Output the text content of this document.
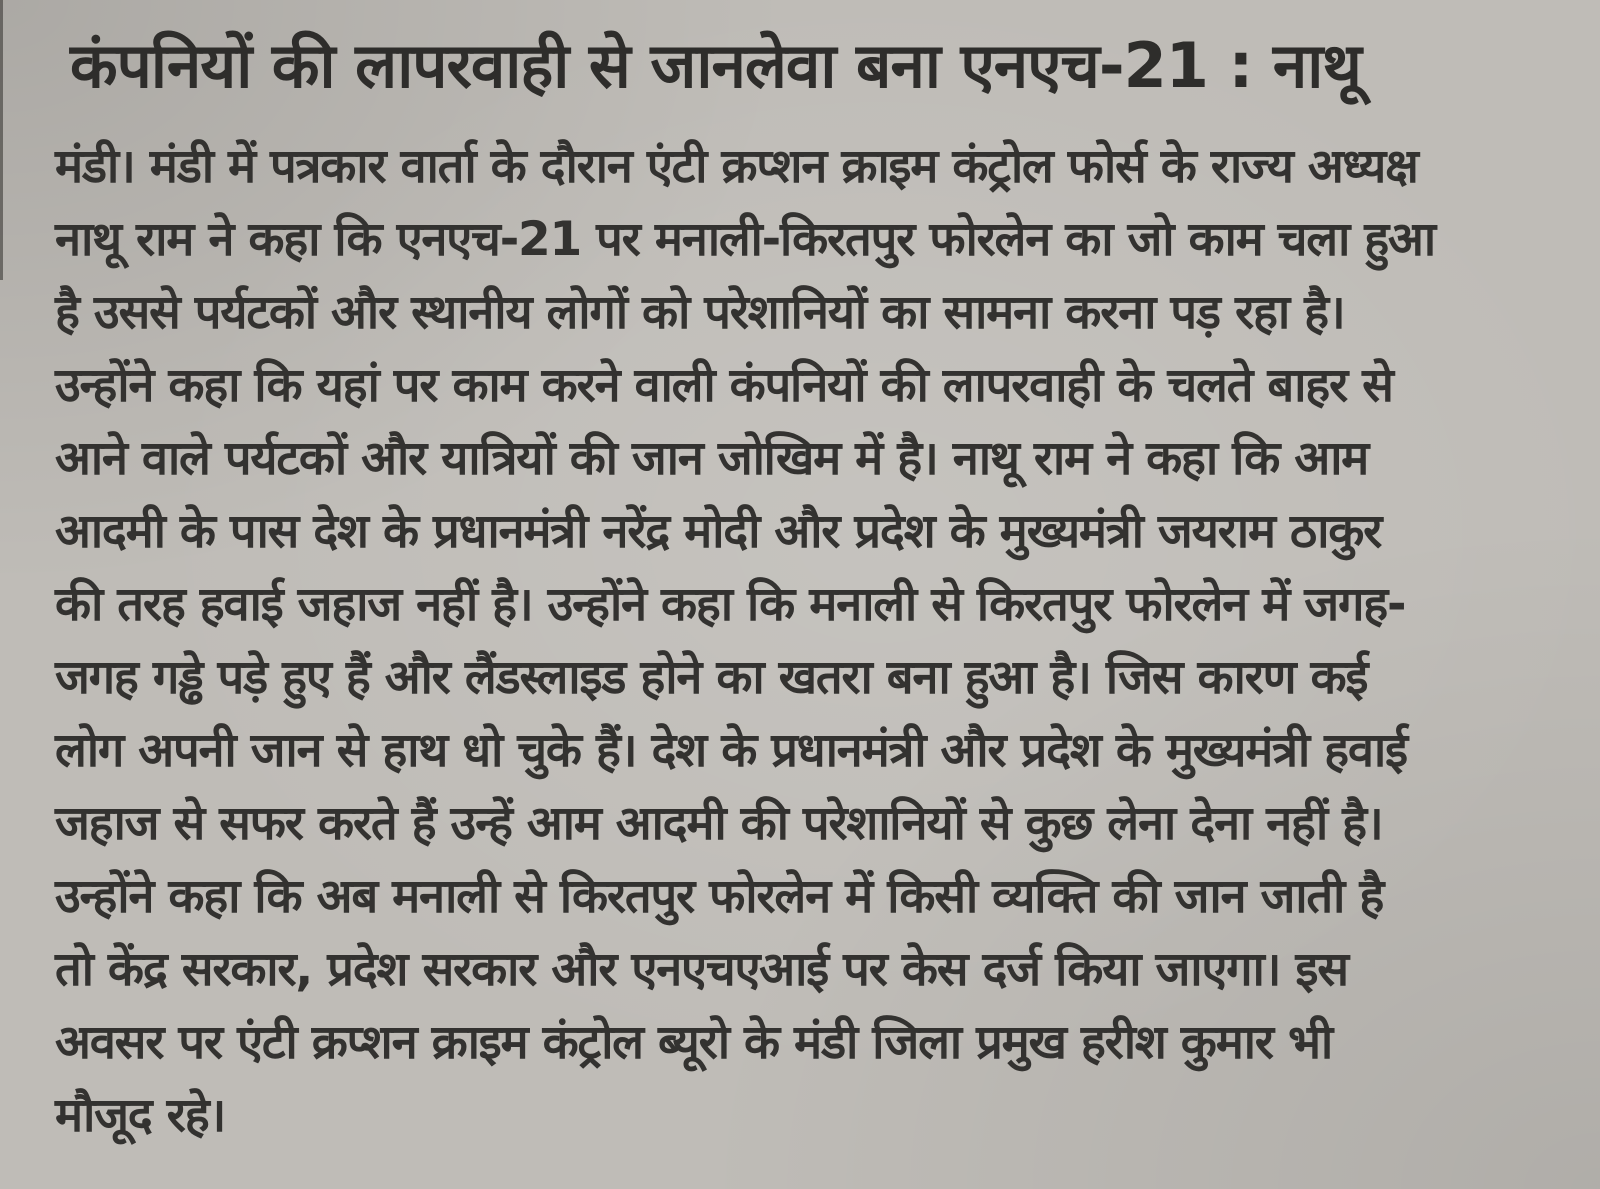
कंपनियों की लापरवाही से जानलेवा बना एनएच-21 : नाथू
मंडी। मंडी में पत्रकार वार्ता के दौरान एंटी क्रप्शन क्राइम कंट्रोल फोर्स के राज्य अध्यक्ष
नाथू राम ने कहा कि एनएच-21 पर मनाली-किरतपुर फोरलेन का जो काम चला हुआ
है उससे पर्यटकों और स्थानीय लोगों को परेशानियों का सामना करना पड़ रहा है।
उन्होंने कहा कि यहां पर काम करने वाली कंपनियों की लापरवाही के चलते बाहर से
आने वाले पर्यटकों और यात्रियों की जान जोखिम में है। नाथू राम ने कहा कि आम
आदमी के पास देश के प्रधानमंत्री नरेंद्र मोदी और प्रदेश के मुख्यमंत्री जयराम ठाकुर
की तरह हवाई जहाज नहीं है। उन्होंने कहा कि मनाली से किरतपुर फोरलेन में जगह-
जगह गड्ढे पड़े हुए हैं और लैंडस्लाइड होने का खतरा बना हुआ है। जिस कारण कई
लोग अपनी जान से हाथ धो चुके हैं। देश के प्रधानमंत्री और प्रदेश के मुख्यमंत्री हवाई
जहाज से सफर करते हैं उन्हें आम आदमी की परेशानियों से कुछ लेना देना नहीं है।
उन्होंने कहा कि अब मनाली से किरतपुर फोरलेन में किसी व्यक्ति की जान जाती है
तो केंद्र सरकार, प्रदेश सरकार और एनएचएआई पर केस दर्ज किया जाएगा। इस
अवसर पर एंटी क्रप्शन क्राइम कंट्रोल ब्यूरो के मंडी जिला प्रमुख हरीश कुमार भी
मौजूद रहे।
